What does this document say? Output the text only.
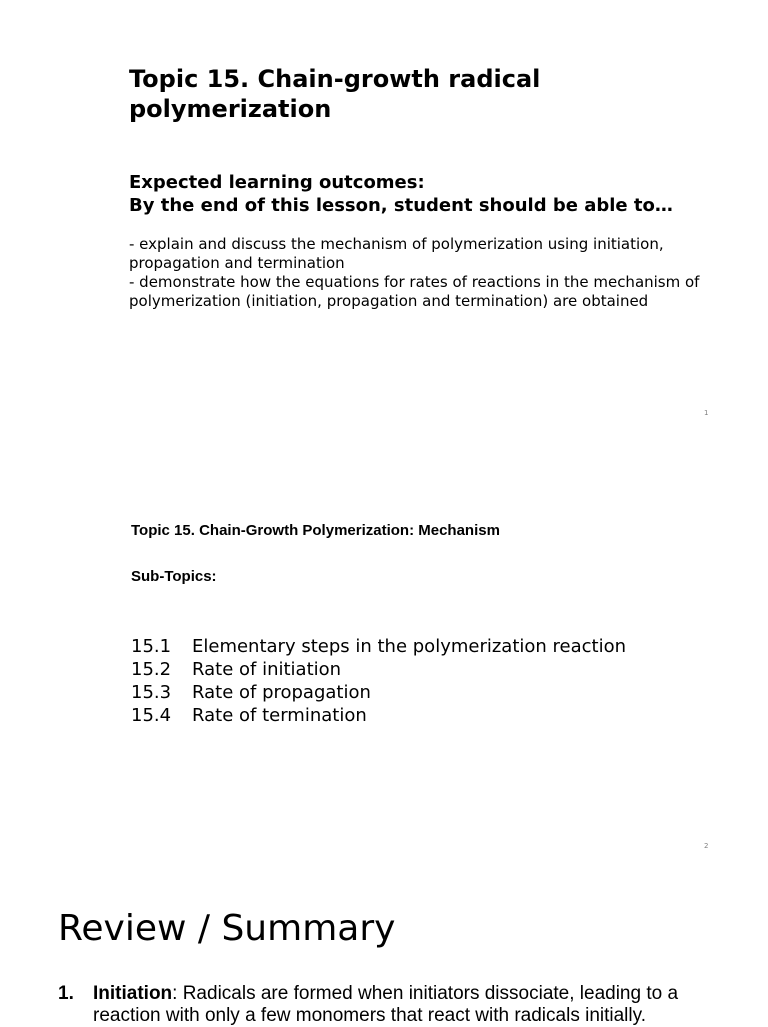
Topic 15. Chain-growth radical polymerization
Expected learning outcomes:
By the end of this lesson, student should be able to…
- explain and discuss the mechanism of polymerization using initiation, propagation and termination
- demonstrate how the equations for rates of reactions in the mechanism of polymerization (initiation, propagation and termination) are obtained
1
Topic 15. Chain-Growth Polymerization: Mechanism
Sub-Topics:
15.1 Elementary steps in the polymerization reaction
15.2 Rate of initiation
15.3 Rate of propagation
15.4 Rate of termination
2
Review / Summary
1. Initiation: Radicals are formed when initiators dissociate, leading to a reaction with only a few monomers that react with radicals initially.
